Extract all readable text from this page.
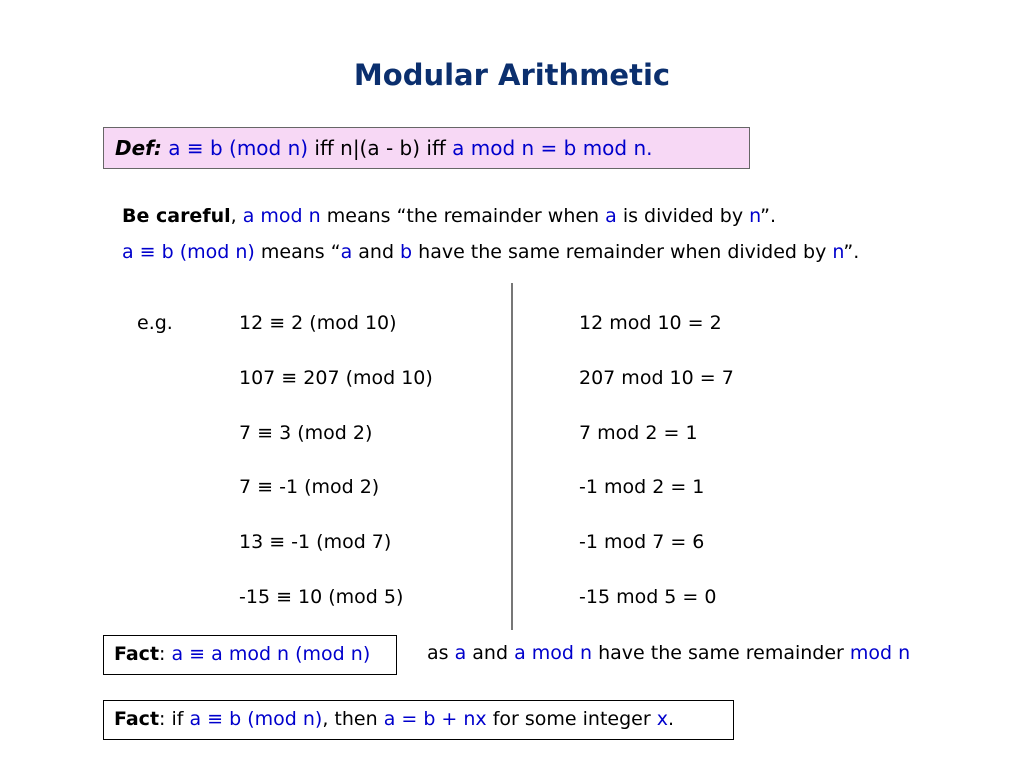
Modular Arithmetic
Def: a ≡ b (mod n) iff n|(a - b) iff a mod n = b mod n.
Be careful, a mod n means “the remainder when a is divided by n”.
a ≡ b (mod n) means “a and b have the same remainder when divided by n”.
e.g.	12 ≡ 2 (mod 10)
107 ≡ 207 (mod 10)
7 ≡ 3 (mod 2)
7 ≡ -1 (mod 2)
13 ≡ -1 (mod 7)
-15 ≡ 10 (mod 5)
12 mod 10 = 2
207 mod 10 = 7
7 mod 2 = 1
-1 mod 2 = 1
-1 mod 7 = 6
-15 mod 5 = 0
Fact: a ≡ a mod n (mod n)	as a and a mod n have the same remainder mod n
Fact: if a ≡ b (mod n), then a = b + nx for some integer x.
